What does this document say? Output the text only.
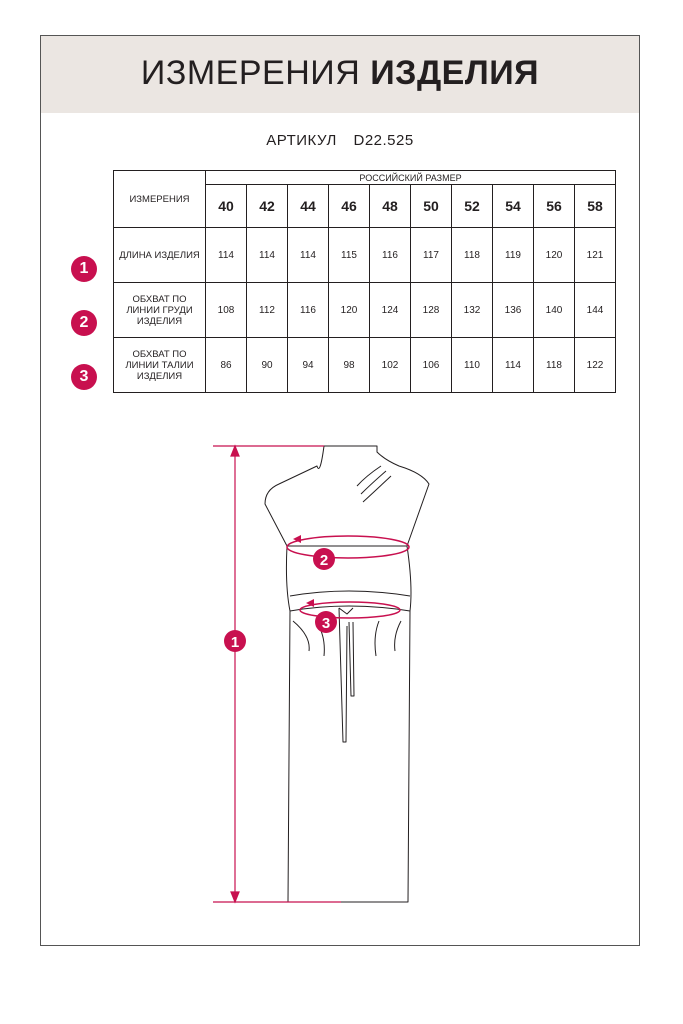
ИЗМЕРЕНИЯ ИЗДЕЛИЯ
АРТИКУЛ D22.525
1
2
3
ИЗМЕРЕНИЯ	РОССИЙСКИЙ РАЗМЕР									
	40	42	44	46	48	50	52	54	56	58
ДЛИНА ИЗДЕЛИЯ	114	114	114	115	116	117	118	119	120	121
ОБХВАТ ПО ЛИНИИ ГРУДИ ИЗДЕЛИЯ	108	112	116	120	124	128	132	136	140	144
ОБХВАТ ПО ЛИНИИ ТАЛИИ ИЗДЕЛИЯ	86	90	94	98	102	106	110	114	118	122
1
2
3
